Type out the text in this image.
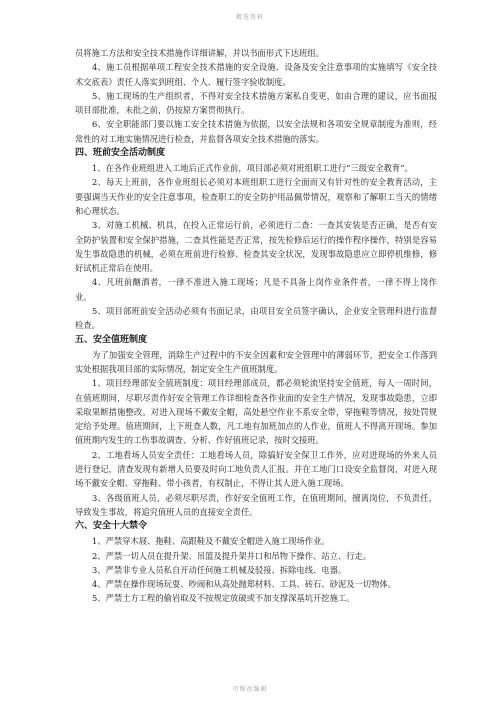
精选资料

员将施工方法和安全技术措施作详细讲解，并以书面形式下达班组。

4、施工员根据单项工程安全技术措施的安全设施、设备及安全注意事项的实施填写《安全技术交底表》责任人落实到班组、个人、履行签字验收制度。

5、施工现场的生产组织者，不得对安全技术措施方案私自变更，如由合理的建议，应书面报项目部批准，未批之前，仍按原方案贯彻执行。

6、安全职能部门要以施工安全技术措施为依据，以安全法规和各项安全规章制度为准则，经常性的对工地实施情况进行检查，并监督各项安全技术措施的落实。

四、班前安全活动制度

1、在各作业班组进入工地后正式作业前，项目部必须对班组职工进行“三级安全教育”。

2、每天上班前，各作业班组长必须对本班组职工进行全面而又有针对性的安全教育活动，主要强调当天作业的安全注意事项，检查职工的安全防护用品佩带情况，观察和了解职工当天的情绪和心理状态。

3、对施工机械、机具，在投入正常运行前，必须进行二查：一查其安装是否正确，是否有安全防护装置和安全保护措施，二查其性能是否正常，按先检修后运行的操作程序操作，特别是容易发生事故隐患的机械，必须在班前进行检修、检查其安全状况，发现事故隐患应立即停机维修，修好试机正常后在使用。

4、凡班前酗酒者，一律不准进入施工现场；凡是不具备上岗作业条件者，一律不得上岗作业。

5、项目部班前安全活动必须有书面记录，由项目安全员签字确认，企业安全管理科进行监督检查。

五、安全值班制度

为了加强安全管理，消除生产过程中的不安全因素和安全管理中的薄弱环节，把安全工作落到实处根据我项目部的实际情况，制定安全生产值班制度。

1、项目经理部安全值班制度：项目经理部成员，都必须轮流坚持安全值班，每人一周时间，在值班期间，尽职尽责作好安全管理工作详细检查各作业面的安全生产情况，发现事故隐患，立即采取果断措施整改。对进入现场不戴安全帽，高处悬空作业不系安全带，穿拖鞋等情况，按处罚规定给予处理。值班期间，上下班查人数，凡工地有加班加点的人作业，值班人不得离开现场。参加值班期内发生的工伤事故调查、分析、作好值班记录，按时交接班。

2、工地看场人员安全责任：工地看场人员，除搞好安全保卫工作外，应对进现场的外来人员进行登记，清查发现有新增人员要及时向工地负责人汇报。并在工地门口设安全监督岗，对进入现场不戴安全帽、穿拖鞋、带小孩者，有权制止，不得让其人进入施工现场。

3、各级值班人员，必须尽职尽责，作好安全值班工作，在值班期间，擅离岗位，不负责任，导致发生事故，将追究值班人员的直接安全责任。

六、安全十大禁令

1、严禁穿木屐、拖鞋、高跟鞋及不戴安全帽进入施工现场作业。

2、严禁一切人员在提升架、吊篮及提升架井口和吊物下操作、站立、行走。

3、严禁非专业人员私自开动任何施工机械及驳接、拆除电线、电器。

4、严禁在操作现场玩耍、吵闹和从高处抛郑材料、工具、砖石、砂泥及一切物体。

5、严禁土方工程的偷岩取及不按规定放破或不加支撑深基坑开挖施工。

可修改编辑
